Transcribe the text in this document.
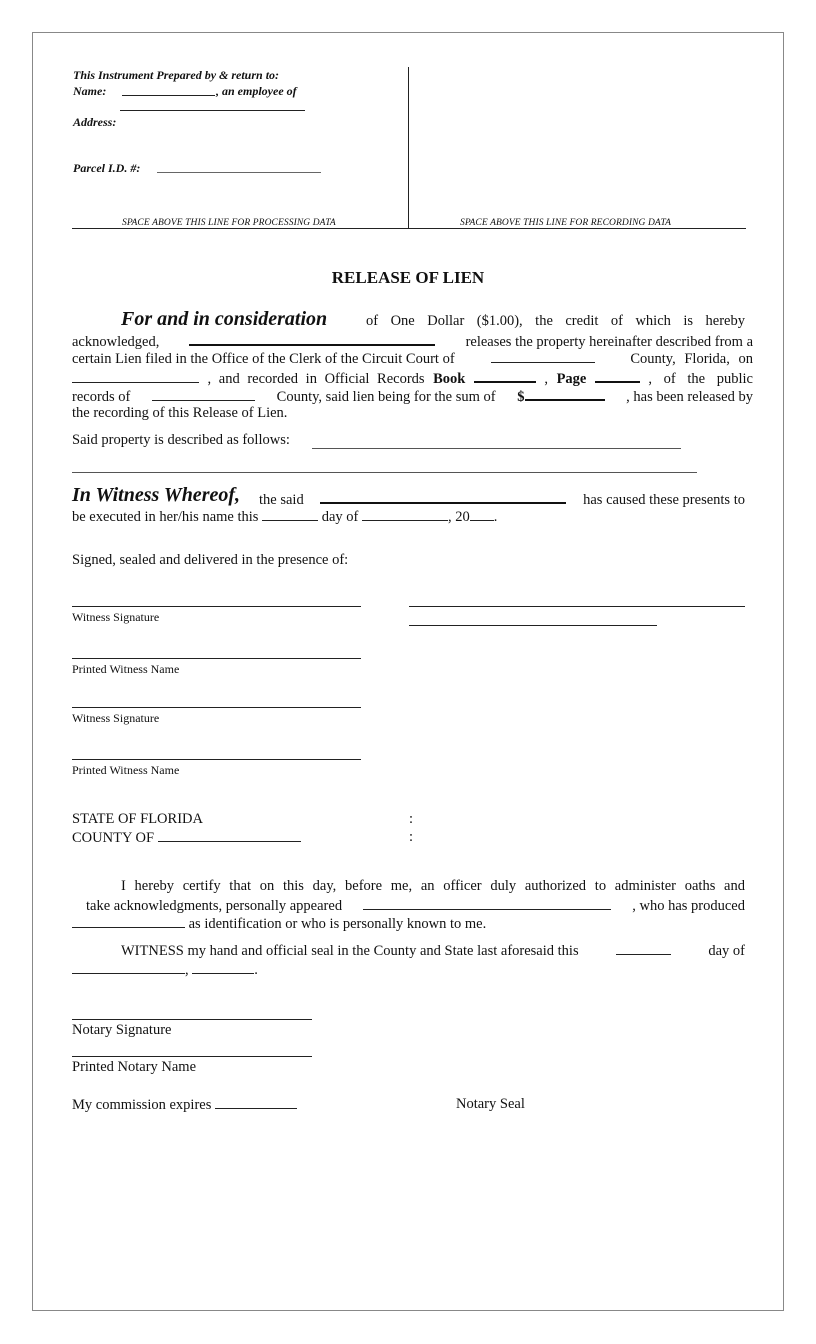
This Instrument Prepared by & return to:
Name:	, an employee of
Address:
Parcel I.D. #:
SPACE ABOVE THIS LINE FOR PROCESSING DATA	SPACE ABOVE THIS LINE FOR RECORDING DATA
RELEASE OF LIEN
For and in consideration	of One Dollar ($1.00), the credit of which is hereby
acknowledged,	releases the property hereinafter described from a
certain Lien filed in the Office of the Clerk of the Circuit Court of	County, Florida, on
, and recorded in Official Records Book	, Page	, of the public
records of	County, said lien being for the sum of $	, has been released by
the recording of this Release of Lien.
Said property is described as follows:
In Witness Whereof, the said	has caused these presents to
be executed in her/his name this	day of	, 20 .
Signed, sealed and delivered in the presence of:
Witness Signature
Printed Witness Name
Witness Signature
Printed Witness Name
STATE OF FLORIDA	:
COUNTY OF	:
I hereby certify that on this day, before me, an officer duly authorized to administer oaths and
take acknowledgments, personally appeared	, who has produced
as identification or who is personally known to me.
WITNESS my hand and official seal in the County and State last aforesaid this	day of
,	.
Notary Signature
Printed Notary Name
My commission expires	Notary Seal
